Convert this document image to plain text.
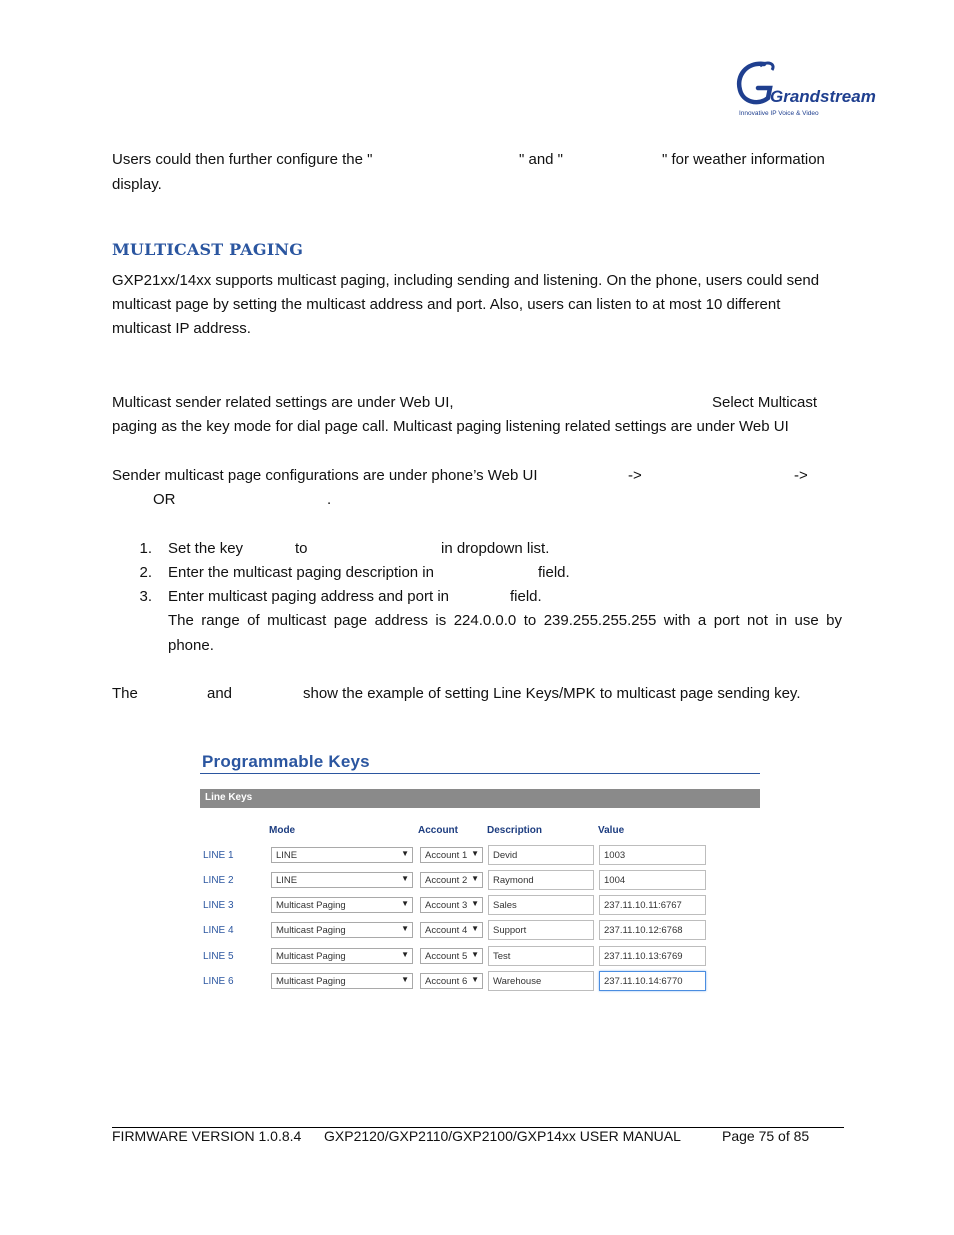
Grandstream
Innovative IP Voice & Video
Users could then further configure the "	" and "	" for weather information
display.
MULTICAST PAGING
GXP21xx/14xx supports multicast paging, including sending and listening. On the phone, users could send
multicast page by setting the multicast address and port. Also, users can listen to at most 10 different
multicast IP address.
Multicast sender related settings are under Web UI,	Select Multicast
paging as the key mode for dial page call. Multicast paging listening related settings are under Web UI
Sender multicast page configurations are under phone’s Web UI	->	->
OR	.
1. Set the key	to	in dropdown list.
2. Enter the multicast paging description in	field.
3. Enter multicast paging address and port in	field.
The range of multicast page address is 224.0.0.0 to 239.255.255.255 with a port not in use by
phone.
The	and	show the example of setting Line Keys/MPK to multicast page sending key.
Programmable Keys
Line Keys
Mode	Account	Description	Value
LINE 1	LINE	▼	Account 1 ▼	Devid	1003
LINE 2	LINE	▼	Account 2 ▼	Raymond	1004
LINE 3	Multicast Paging	▼	Account 3 ▼	Sales	237.11.10.11:6767
LINE 4	Multicast Paging	▼	Account 4 ▼	Support	237.11.10.12:6768
LINE 5	Multicast Paging	▼	Account 5 ▼	Test	237.11.10.13:6769
LINE 6	Multicast Paging	▼	Account 6 ▼	Warehouse	237.11.10.14:6770
FIRMWARE VERSION 1.0.8.4 GXP2120/GXP2110/GXP2100/GXP14xx USER MANUAL	Page 75 of 85
